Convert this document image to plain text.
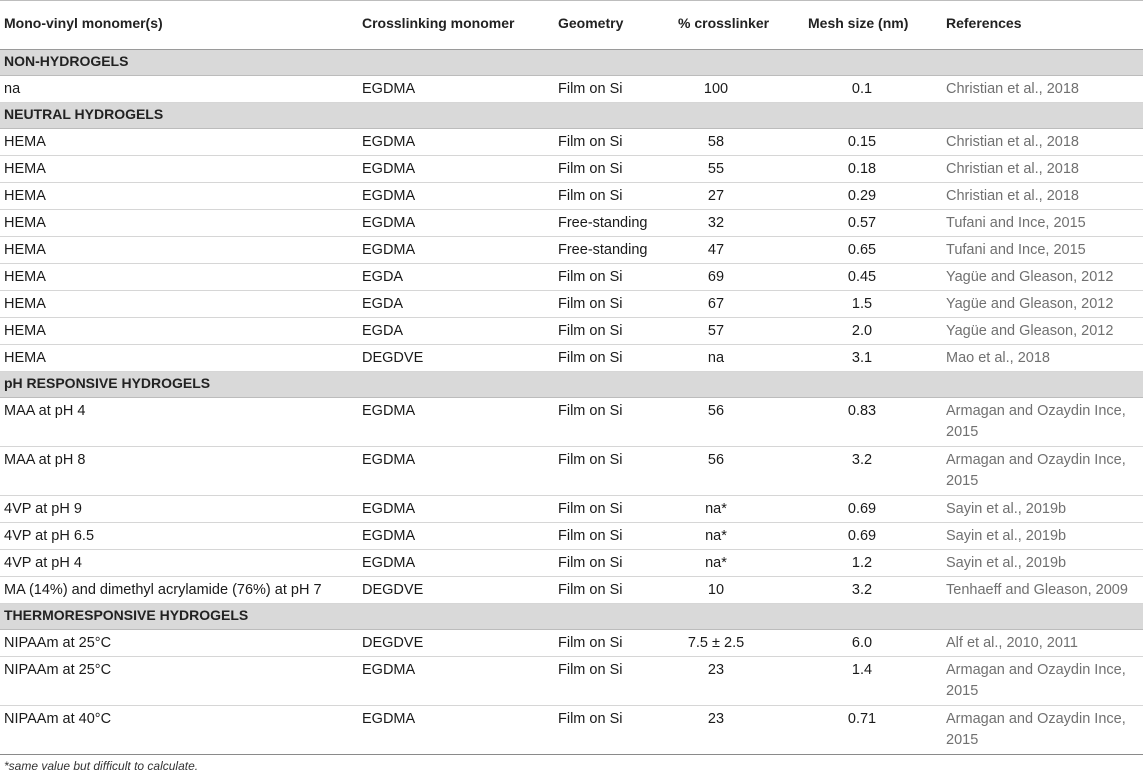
Mono-vinyl monomer(s)	Crosslinking monomer	Geometry	% crosslinker	Mesh size (nm)	References
NON-HYDROGELS
na	EGDMA	Film on Si	100	0.1	Christian et al., 2018
NEUTRAL HYDROGELS
HEMA	EGDMA	Film on Si	58	0.15	Christian et al., 2018
HEMA	EGDMA	Film on Si	55	0.18	Christian et al., 2018
HEMA	EGDMA	Film on Si	27	0.29	Christian et al., 2018
HEMA	EGDMA	Free-standing	32	0.57	Tufani and Ince, 2015
HEMA	EGDMA	Free-standing	47	0.65	Tufani and Ince, 2015
HEMA	EGDA	Film on Si	69	0.45	Yagüe and Gleason, 2012
HEMA	EGDA	Film on Si	67	1.5	Yagüe and Gleason, 2012
HEMA	EGDA	Film on Si	57	2.0	Yagüe and Gleason, 2012
HEMA	DEGDVE	Film on Si	na	3.1	Mao et al., 2018
pH RESPONSIVE HYDROGELS
MAA at pH 4	EGDMA	Film on Si	56	0.83	Armagan and Ozaydin Ince, 2015
MAA at pH 8	EGDMA	Film on Si	56	3.2	Armagan and Ozaydin Ince, 2015
4VP at pH 9	EGDMA	Film on Si	na*	0.69	Sayin et al., 2019b
4VP at pH 6.5	EGDMA	Film on Si	na*	0.69	Sayin et al., 2019b
4VP at pH 4	EGDMA	Film on Si	na*	1.2	Sayin et al., 2019b
MA (14%) and dimethyl acrylamide (76%) at pH 7	DEGDVE	Film on Si	10	3.2	Tenhaeff and Gleason, 2009
THERMORESPONSIVE HYDROGELS
NIPAAm at 25°C	DEGDVE	Film on Si	7.5 ± 2.5	6.0	Alf et al., 2010, 2011
NIPAAm at 25°C	EGDMA	Film on Si	23	1.4	Armagan and Ozaydin Ince, 2015
NIPAAm at 40°C	EGDMA	Film on Si	23	0.71	Armagan and Ozaydin Ince, 2015
*same value but difficult to calculate.
